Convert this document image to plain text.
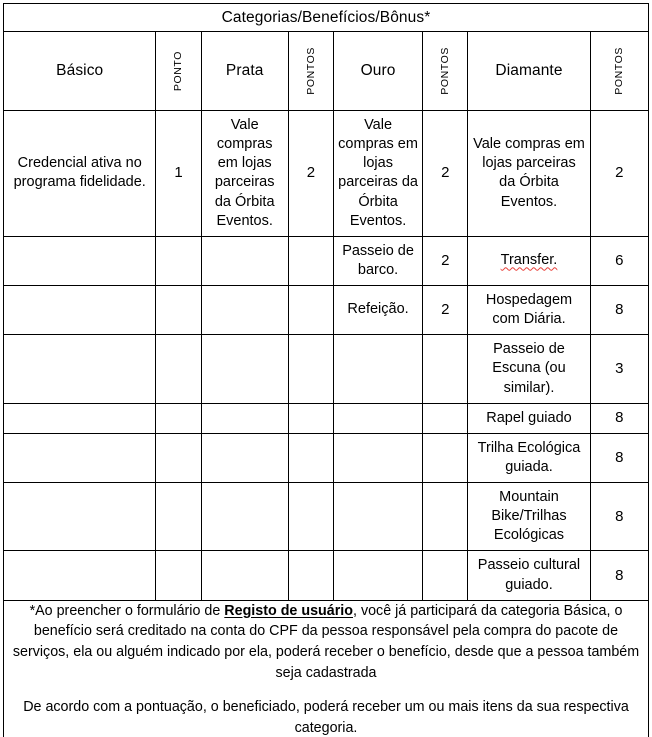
Categorias/Benefícios/Bônus*							
Básico	PONTO	Prata	PONTOS	Ouro	PONTOS	Diamante	PONTOS

Credencial ativa no programa fidelidade.	1	Vale compras em lojas parceiras da Órbita Eventos.	2	Vale compras em lojas parceiras da Órbita Eventos.	2	Vale compras em lojas parceiras da Órbita Eventos.	2

				Passeio de barco.	2	Transfer.	6

				Refeição.	2	Hospedagem com Diária.	8

						Passeio de Escuna (ou similar).	3

						Rapel guiado	8

						Trilha Ecológica guiada.	8

						Mountain Bike/Trilhas Ecológicas	8

						Passeio cultural guiado.	8

*Ao preencher o formulário de Registo de usuário, você já participará da categoria Básica, o benefício será creditado na conta do CPF da pessoa responsável pela compra do pacote de serviços, ela ou alguém indicado por ela, poderá receber o benefício, desde que a pessoa também seja cadastrada

De acordo com a pontuação, o beneficiado, poderá receber um ou mais itens da sua respectiva categoria.							
